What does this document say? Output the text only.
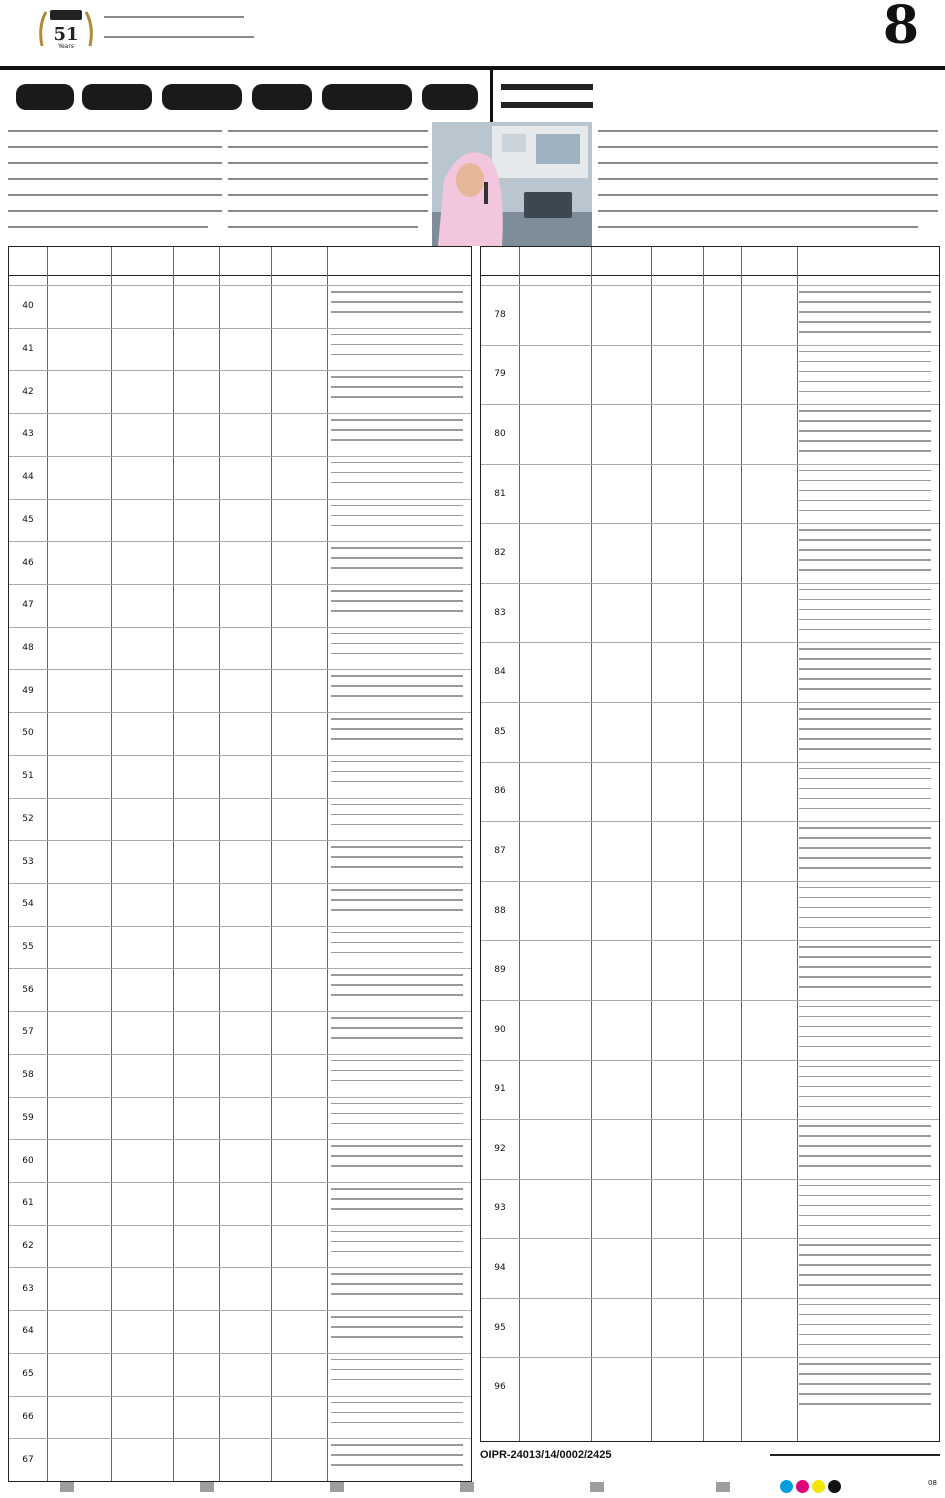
51
Years	8
40
41
42
43
44
45
46
47
48
49
50
51
52
53
54
55
56
57
58
59
60
61
62
63
64
65
66
67
78
79
80
81
82
83
84
85
86
87
88
89
90
91
92
93
94
95
96
OIPR-24013/14/0002/2425
08
